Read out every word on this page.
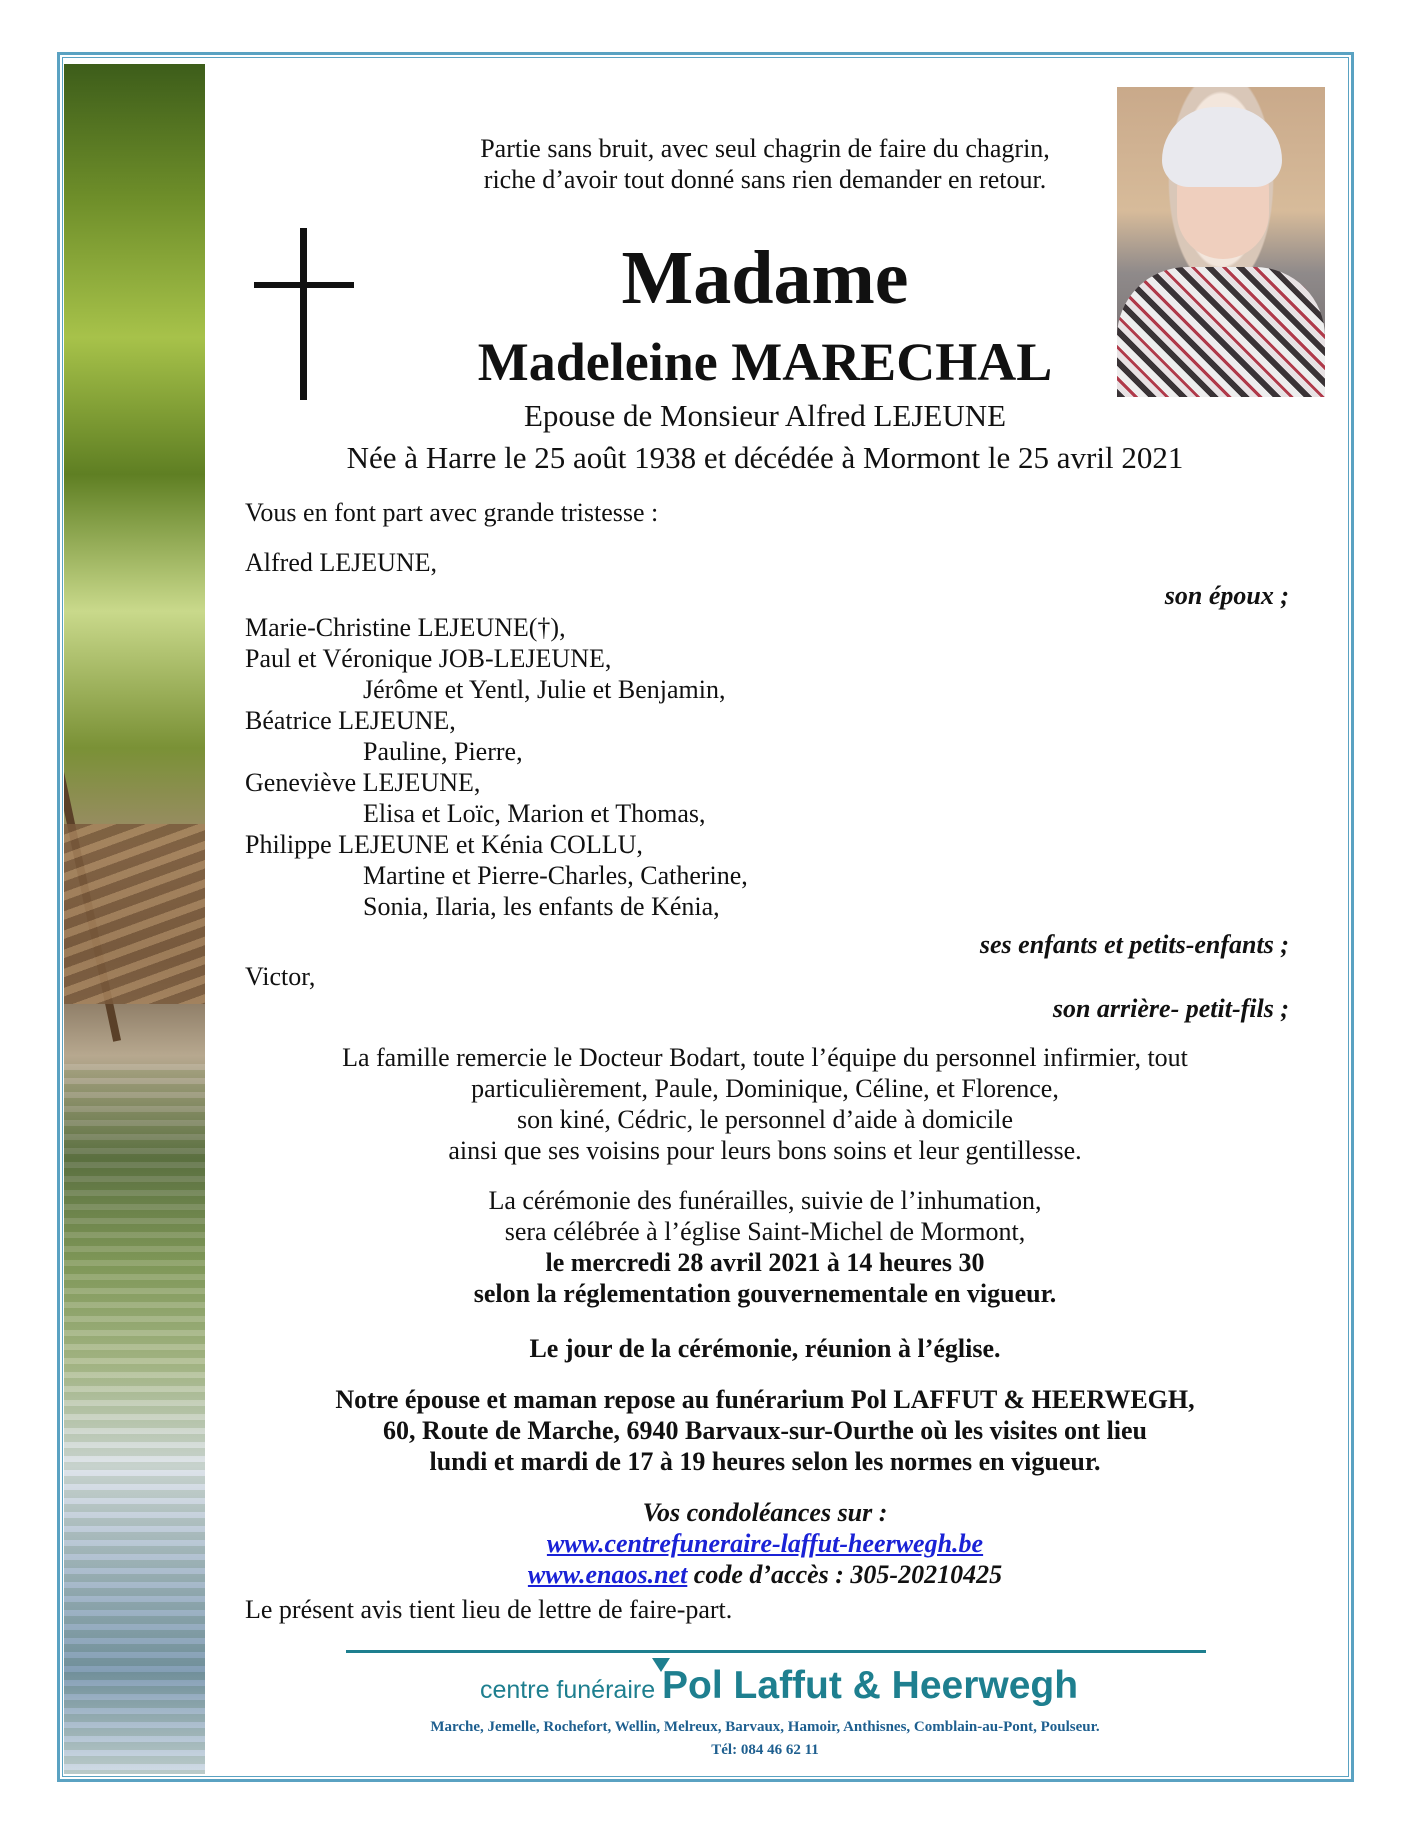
Partie sans bruit, avec seul chagrin de faire du chagrin,

riche d’avoir tout donné sans rien demander en retour.

Madame

Madeleine MARECHAL

Epouse de Monsieur Alfred LEJEUNE

Née à Harre le 25 août 1938 et décédée à Mormont le 25 avril 2021

Vous en font part avec grande tristesse :

Alfred LEJEUNE,

son époux ;

Marie-Christine LEJEUNE(†),

Paul et Véronique JOB-LEJEUNE,

Jérôme et Yentl, Julie et Benjamin,

Béatrice LEJEUNE,

Pauline, Pierre,

Geneviève LEJEUNE,

Elisa et Loïc, Marion et Thomas,

Philippe LEJEUNE et Kénia COLLU,

Martine et Pierre-Charles, Catherine,

Sonia, Ilaria, les enfants de Kénia,

ses enfants et petits-enfants ;

Victor,

son arrière- petit-fils ;

La famille remercie le Docteur Bodart, toute l’équipe du personnel infirmier, tout

particulièrement, Paule, Dominique, Céline, et Florence,

son kiné, Cédric, le personnel d’aide à domicile

ainsi que ses voisins pour leurs bons soins et leur gentillesse.

La cérémonie des funérailles, suivie de l’inhumation,

sera célébrée à l’église Saint-Michel de Mormont,

le mercredi 28 avril 2021 à 14 heures 30

selon la réglementation gouvernementale en vigueur.

Le jour de la cérémonie, réunion à l’église.

Notre épouse et maman repose au funérarium Pol LAFFUT & HEERWEGH,

60, Route de Marche, 6940 Barvaux-sur-Ourthe où les visites ont lieu

lundi et mardi de 17 à 19 heures selon les normes en vigueur.

Vos condoléances sur :

www.centrefuneraire-laffut-heerwegh.be

www.enaos.net code d’accès : 305-20210425

Le présent avis tient lieu de lettre de faire-part.

centre funéraire Pol Laffut & Heerwegh

Marche, Jemelle, Rochefort, Wellin, Melreux, Barvaux, Hamoir, Anthisnes, Comblain-au-Pont, Poulseur.

Tél: 084 46 62 11
